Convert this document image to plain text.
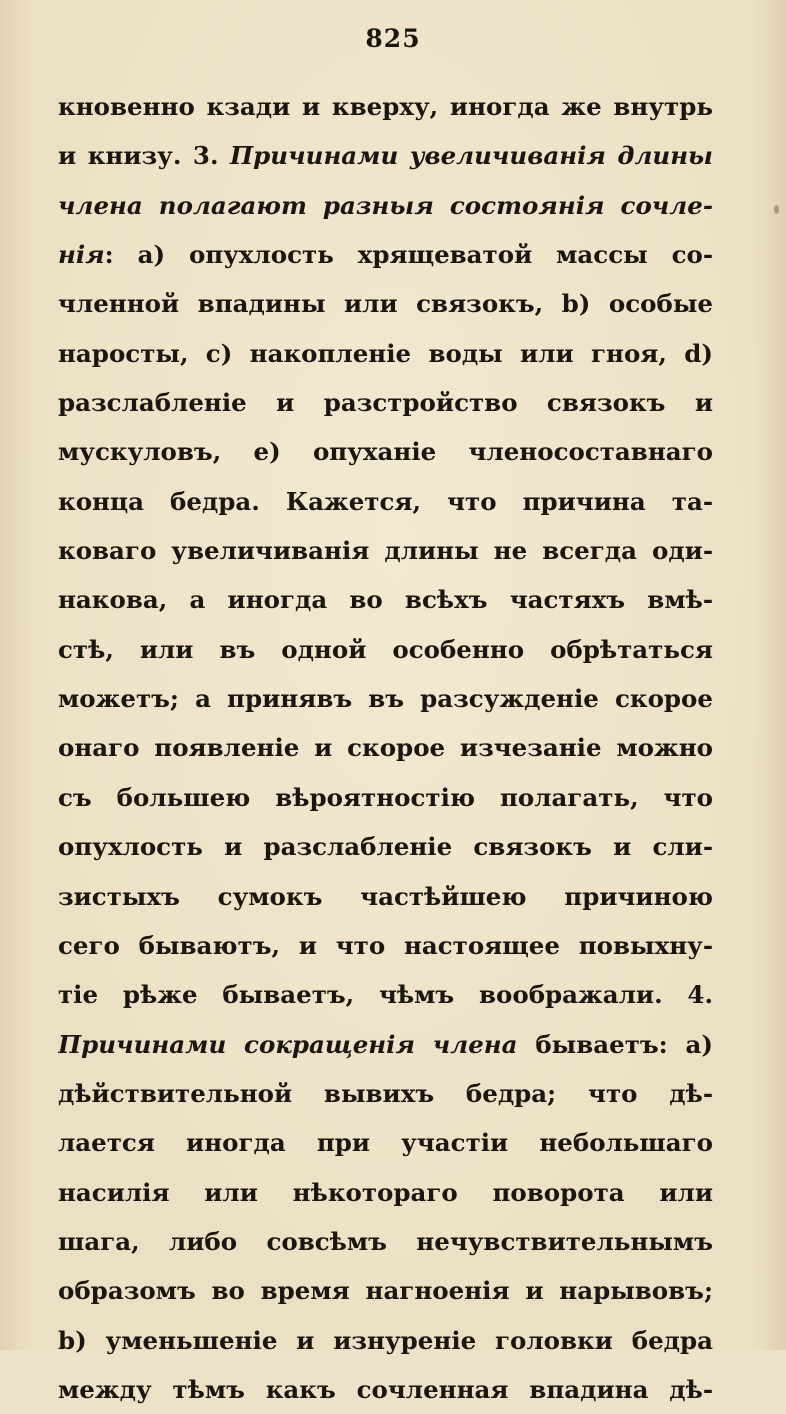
825
кновенно кзади и кверху, иногда же внутрь
и книзу. 3. Причинами увеличиванія длины
члена полагают разныя состоянія сочле-
нія: a) опухлость хрящеватой массы со-
члeнной впадины или связокъ, b) особые
наросты, c) накопленіе воды или гноя, d)
разслабленіе и разстройство связокъ и
мускуловъ, e) опуханіе членосоставнаго
конца бедра. Кажется, что причина та-
коваго увеличиванія длины не всегда оди-
накова, а иногда во всѣхъ частяхъ вмѣ-
стѣ, или въ одной особенно обрѣтаться
можетъ; а принявъ въ разсужденіе скорое
онаго появленіе и скорое изчезаніе можно
съ большею вѣроятностію полагать, что
опухлость и разслабленіе связокъ и сли-
зистыхъ сумокъ частѣйшею причиною
сего бываютъ, и что настоящее повыхну-
тіе рѣже бываетъ, чѣмъ воображали. 4.
Причинами сокращенія члена бываетъ: a)
дѣйствительной вывихъ бедра; что дѣ-
лается иногда при участіи небольшаго
насилія или нѣкотораго поворота или
шага, либо совсѣмъ нечувствительнымъ
образомъ во время нагноенія и нарывовъ;
b) уменьшеніе и изнуреніе головки бедра
между тѣмъ какъ сочленная впадина дѣ-
